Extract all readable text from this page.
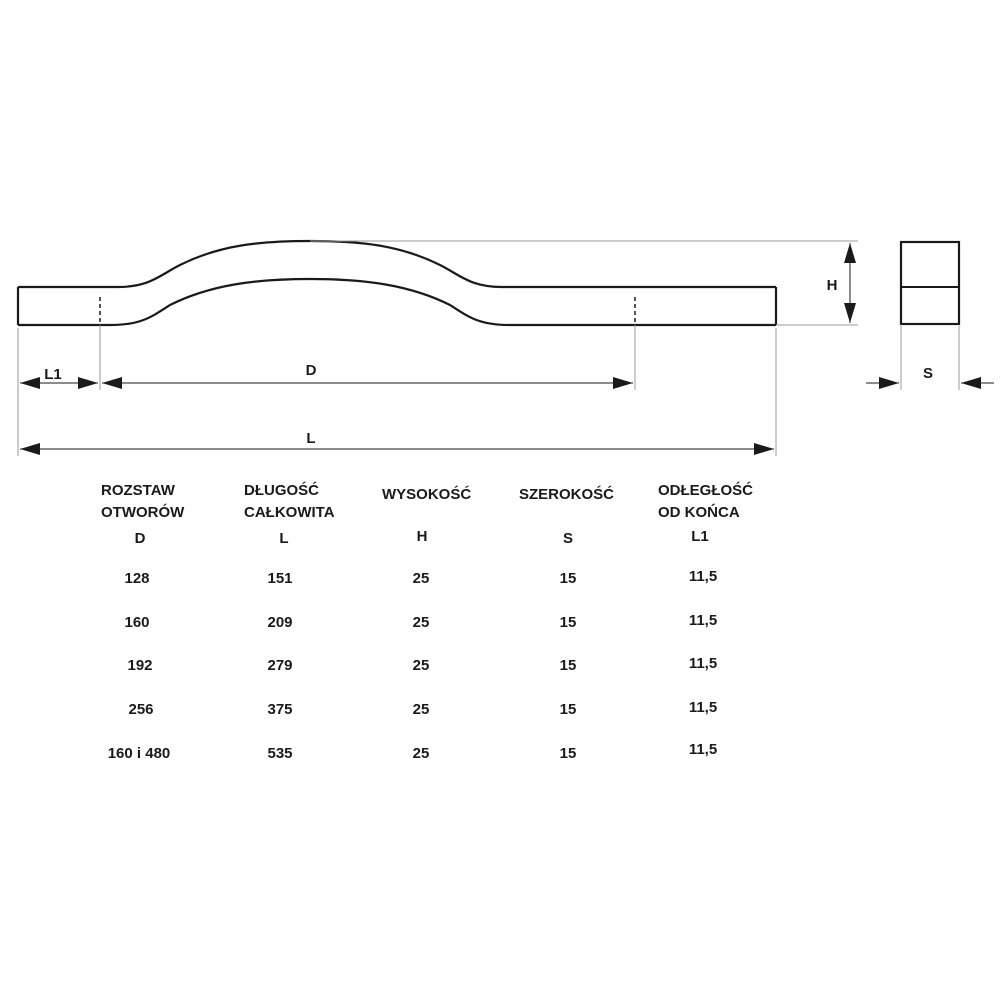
L1	D
L
H
S
ROZSTAW
OTWORÓW
D
128
160
192
256
160 i 480
DŁUGOŚĆ
CAŁKOWITA
L
151
209
279
375
535
WYSOKOŚĆ
H
25
25
25
25
25
SZEROKOŚĆ
S
15
15
15
15
15
ODŁEGŁOŚĆ
OD KOŃCA
L1
11,5
11,5
11,5
11,5
11,5
